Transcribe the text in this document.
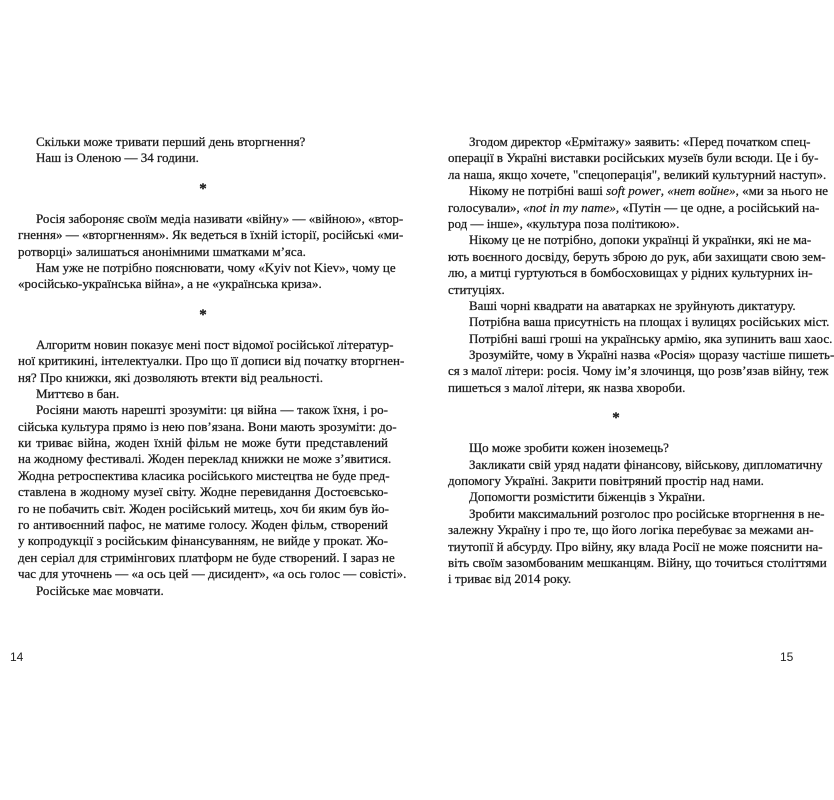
Скільки може тривати перший день вторгнення?
Наш із Оленою — 34 години.
*
Росія забороняє своїм медіа називати «війну» — «війною», «втор-
гнення» — «вторгненням». Як ведеться в їхній історії, російські «ми-
ротворці» залишаться анонімними шматками м’яса.
Нам уже не потрібно пояснювати, чому «Kyiv not Kiev», чому це
«російсько-українська війна», а не «українська криза».
*
Алгоритм новин показує мені пост відомої російської літератур-
ної критикині, інтелектуалки. Про що її дописи від початку вторгнен-
ня? Про книжки, які дозволяють втекти від реальності.
Миттєво в бан.
Росіяни мають нарешті зрозуміти: ця війна — також їхня, і ро-
сійська культура прямо із нею пов’язана. Вони мають зрозуміти: до-
ки триває війна, жоден їхній фільм не може бути представлений
на жодному фестивалі. Жоден переклад книжки не може з’явитися.
Жодна ретроспектива класика російського мистецтва не буде пред-
ставлена в жодному музеї світу. Жодне перевидання Достоєвсько-
го не побачить світ. Жоден російський митець, хоч би яким був йо-
го антивоєнний пафос, не матиме голосу. Жоден фільм, створений
у копродукції з російським фінансуванням, не вийде у прокат. Жо-
ден серіал для стримінгових платформ не буде створений. І зараз не
час для уточнень — «а ось цей — дисидент», «а ось голос — совісті».
Російське має мовчати.
Згодом директор «Ермітажу» заявить: «Перед початком спец-
операції в Україні виставки російських музеїв були всюди. Це і бу-
ла наша, якщо хочете, "спецоперація", великий культурний наступ».
Нікому не потрібні ваші soft power, «нет войне», «ми за нього не
голосували», «not in my name», «Путін — це одне, а російський на-
род — інше», «культура поза політикою».
Нікому це не потрібно, допоки українці й українки, які не ма-
ють воєнного досвіду, беруть зброю до рук, аби захищати свою зем-
лю, а митці гуртуються в бомбосховищах у рідних культурних ін-
ституціях.
Ваші чорні квадрати на аватарках не зруйнують диктатуру.
Потрібна ваша присутність на площах і вулицях російських міст.
Потрібні ваші гроші на українську армію, яка зупинить ваш хаос.
Зрозумійте, чому в Україні назва «Росія» щоразу частіше пишеть-
ся з малої літери: росія. Чому ім’я злочинця, що розв’язав війну, теж
пишеться з малої літери, як назва хвороби.
*
Що може зробити кожен іноземець?
Закликати свій уряд надати фінансову, військову, дипломатичну
допомогу Україні. Закрити повітряний простір над нами.
Допомогти розмістити біженців з України.
Зробити максимальний розголос про російське вторгнення в не-
залежну Україну і про те, що його логіка перебуває за межами ан-
тиутопії й абсурду. Про війну, яку влада Росії не може пояснити на-
віть своїм зазомбованим мешканцям. Війну, що точиться століттями
і триває від 2014 року.
14	15
